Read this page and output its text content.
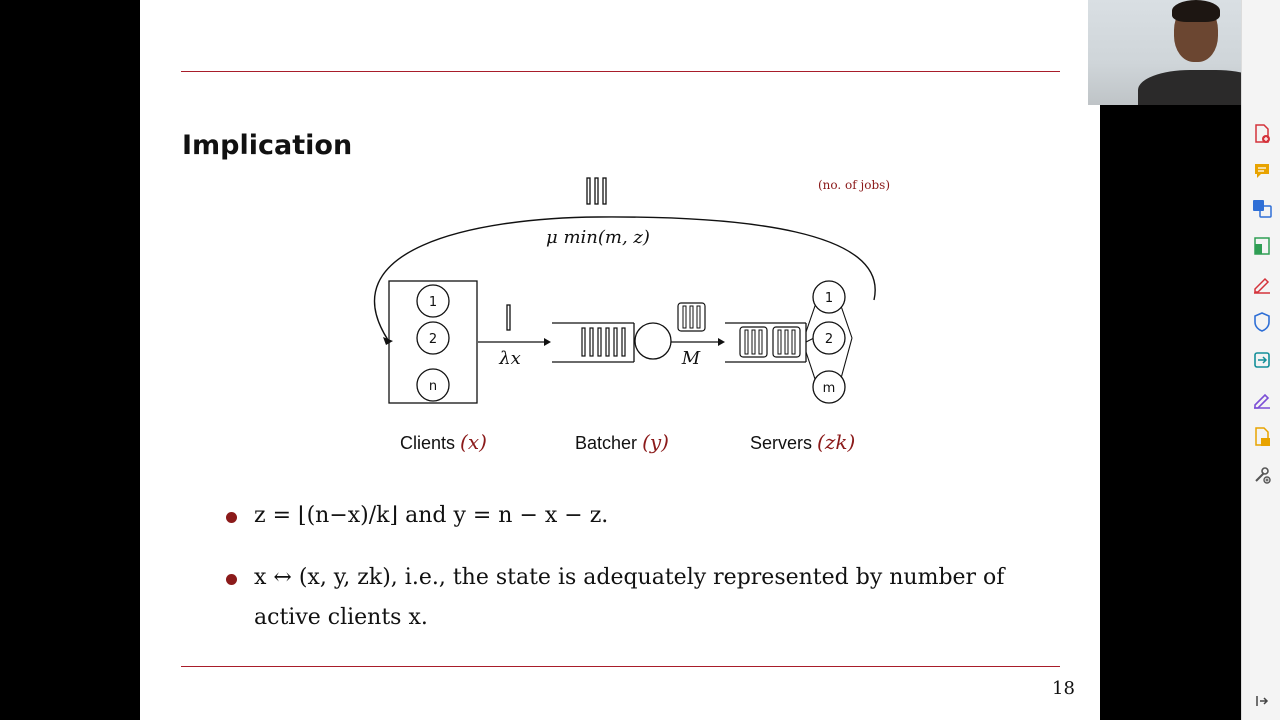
Implication
(no. of jobs)
μ min(m, z)
1
2
n
λx	M
1
2
m
Clients (x)	Batcher (y)	Servers (zk)
z = ⌊(n−x)/k⌋ and y = n − x − z.
x ↔ (x, y, zk), i.e., the state is adequately represented by number of active clients x.
18
